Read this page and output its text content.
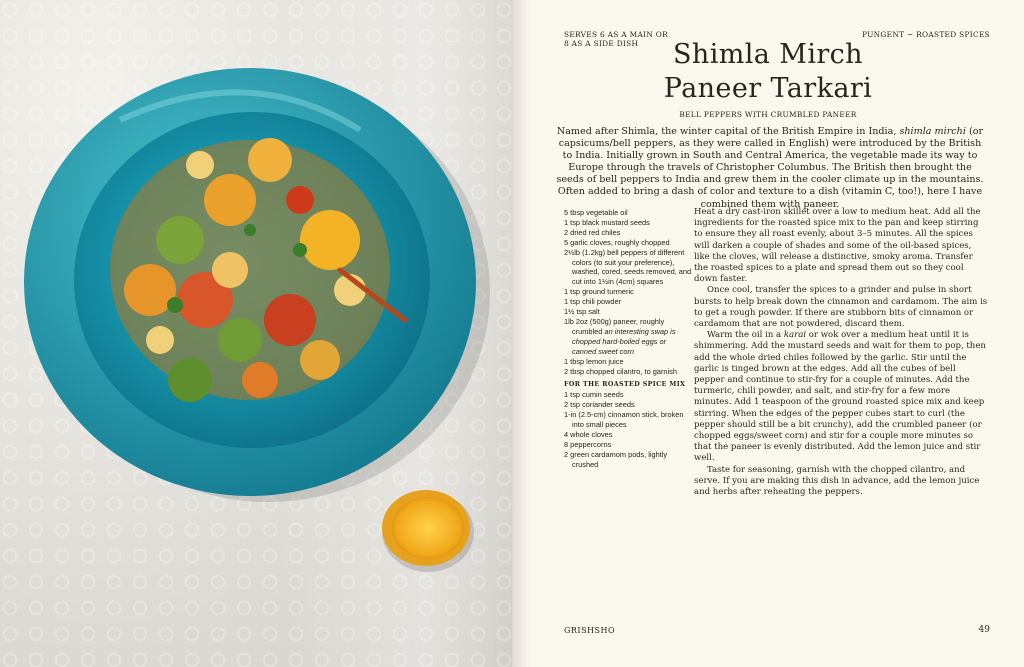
SERVES 6 AS A MAIN OR 8 AS A SIDE DISH
PUNGENT ~ ROASTED SPICES
Shimla Mirch
Paneer Tarkari
BELL PEPPERS WITH CRUMBLED PANEER
Named after Shimla, the winter capital of the British Empire in India, shimla mirchi (or capsicums/bell peppers, as they were called in English) were introduced by the British to India. Initially grown in South and Central America, the vegetable made its way to Europe through the travels of Christopher Columbus. The British then brought the seeds of bell peppers to India and grew them in the cooler climate up in the mountains. Often added to bring a dash of color and texture to a dish (vitamin C, too!), here I have combined them with paneer.
5 tbsp vegetable oil
1 tsp black mustard seeds
2 dried red chiles
5 garlic cloves, roughly chopped
2½lb (1.2kg) bell peppers of different colors (to suit your preference), washed, cored, seeds removed, and cut into 1½in (4cm) squares
1 tsp ground turmeric
1 tsp chili powder
1½ tsp salt
1lb 2oz (500g) paneer, roughly crumbled an interesting swap is chopped hard-boiled eggs or canned sweet corn
1 tbsp lemon juice
2 tbsp chopped cilantro, to garnish
FOR THE ROASTED SPICE MIX
1 tsp cumin seeds
2 tsp coriander seeds
1-in (2.5-cm) cinnamon stick, broken into small pieces
4 whole cloves
8 peppercorns
2 green cardamom pods, lightly crushed

Heat a dry cast-iron skillet over a low to medium heat. Add all the ingredients for the roasted spice mix to the pan and keep stirring to ensure they all roast evenly, about 3–5 minutes. All the spices will darken a couple of shades and some of the oil-based spices, like the cloves, will release a distinctive, smoky aroma. Transfer the roasted spices to a plate and spread them out so they cool down faster.

Once cool, transfer the spices to a grinder and pulse in short bursts to help break down the cinnamon and cardamom. The aim is to get a rough powder. If there are stubborn bits of cinnamon or cardamom that are not powdered, discard them.

Warm the oil in a karai or wok over a medium heat until it is shimmering. Add the mustard seeds and wait for them to pop, then add the whole dried chiles followed by the garlic. Stir until the garlic is tinged brown at the edges. Add all the cubes of bell pepper and continue to stir-fry for a couple of minutes. Add the turmeric, chili powder, and salt, and stir-fry for a few more minutes. Add 1 teaspoon of the ground roasted spice mix and keep stirring. When the edges of the pepper cubes start to curl (the pepper should still be a bit crunchy), add the crumbled paneer (or chopped eggs/sweet corn) and stir for a couple more minutes so that the paneer is evenly distributed. Add the lemon juice and stir well.

Taste for seasoning, garnish with the chopped cilantro, and serve. If you are making this dish in advance, add the lemon juice and herbs after reheating the peppers.

GRISHSHO	49
